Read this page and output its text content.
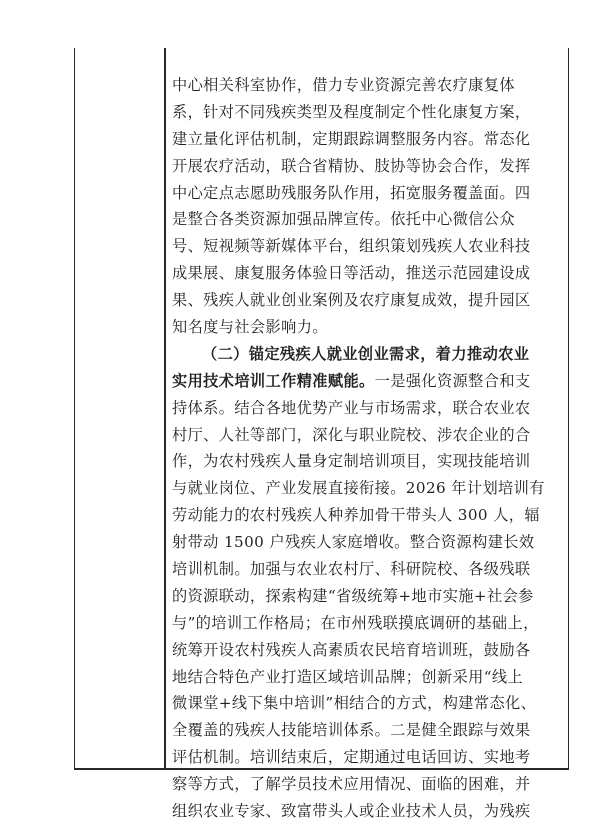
中心相关科室协作，借力专业资源完善农疗康复体
系，针对不同残疾类型及程度制定个性化康复方案，
建立量化评估机制，定期跟踪调整服务内容。常态化
开展农疗活动，联合省精协、肢协等协会合作，发挥
中心定点志愿助残服务队作用，拓宽服务覆盖面。四
是整合各类资源加强品牌宣传。依托中心微信公众
号、短视频等新媒体平台，组织策划残疾人农业科技
成果展、康复服务体验日等活动，推送示范园建设成
果、残疾人就业创业案例及农疗康复成效，提升园区
知名度与社会影响力。
（二）锚定残疾人就业创业需求，着力推动农业
实用技术培训工作精准赋能。一是强化资源整合和支
持体系。结合各地优势产业与市场需求，联合农业农
村厅、人社等部门，深化与职业院校、涉农企业的合
作，为农村残疾人量身定制培训项目，实现技能培训
与就业岗位、产业发展直接衔接。2026 年计划培训有
劳动能力的农村残疾人种养加骨干带头人 300 人，辐
射带动 1500 户残疾人家庭增收。整合资源构建长效
培训机制。加强与农业农村厅、科研院校、各级残联
的资源联动，探索构建“省级统筹+地市实施+社会参
与”的培训工作格局；在市州残联摸底调研的基础上，
统筹开设农村残疾人高素质农民培育培训班，鼓励各
地结合特色产业打造区域培训品牌；创新采用“线上
微课堂+线下集中培训”相结合的方式，构建常态化、
全覆盖的残疾人技能培训体系。二是健全跟踪与效果
评估机制。培训结束后，定期通过电话回访、实地考
察等方式，了解学员技术应用情况、面临的困难，并
组织农业专家、致富带头人或企业技术人员，为残疾
